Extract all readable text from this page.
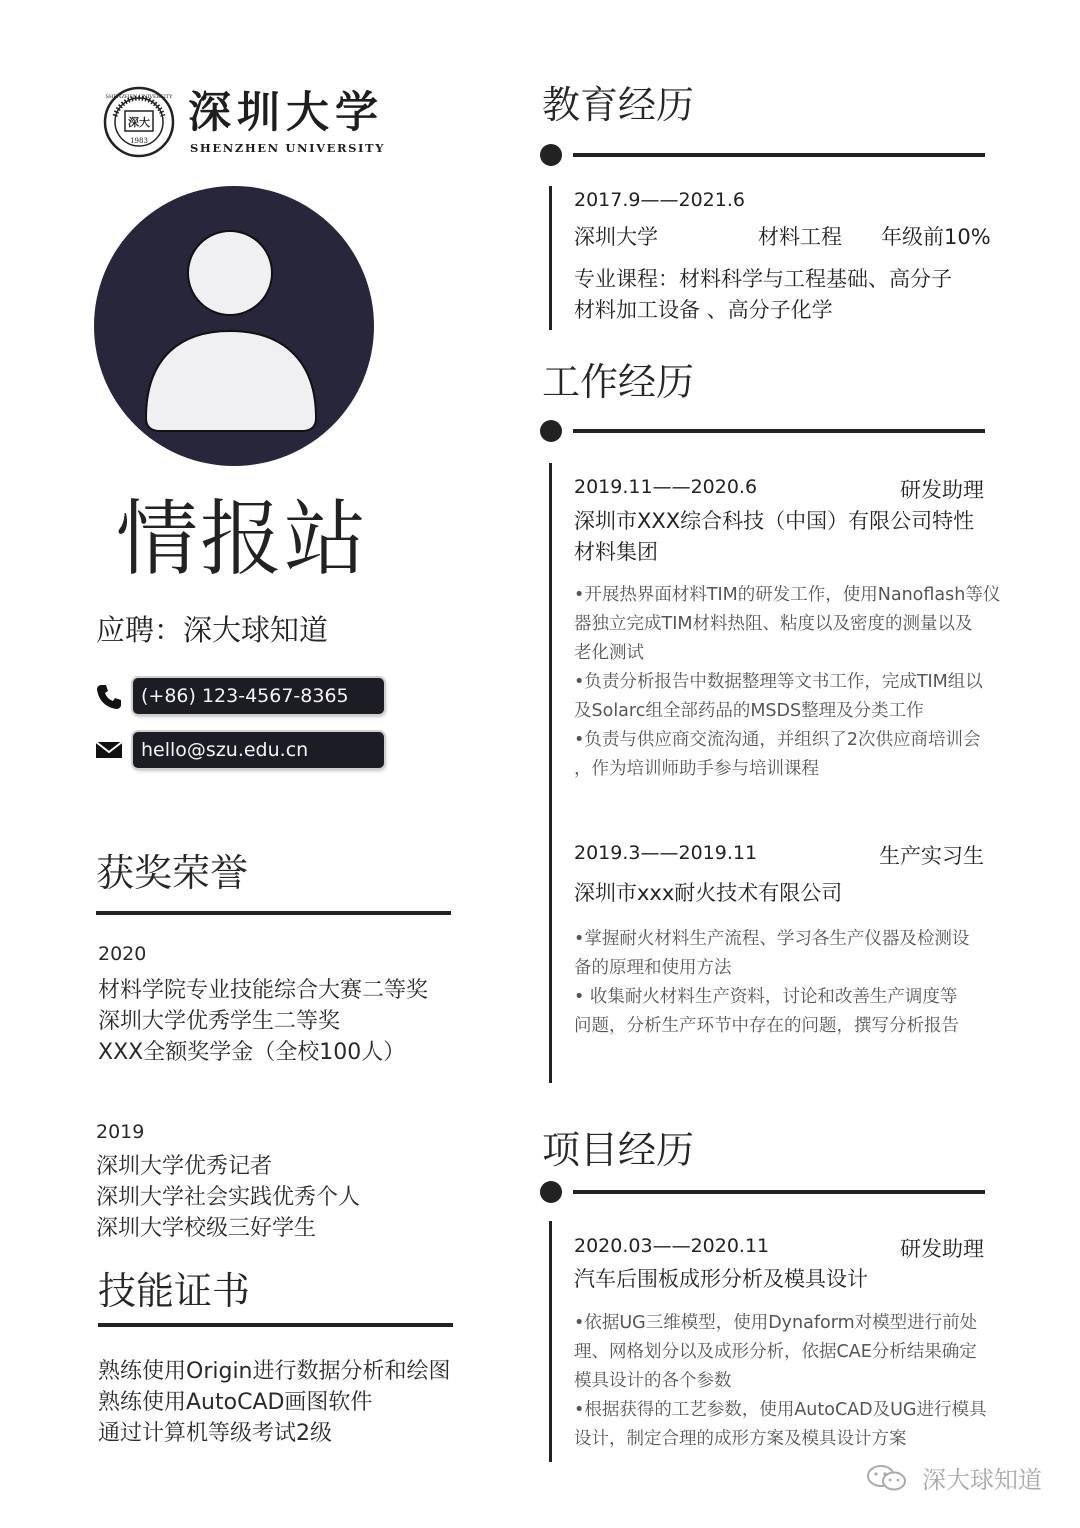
深大
1983
SHENZHEN UNIVERSITY 深圳大学
SHENZHEN UNIVERSITY
情报站
应聘：深大球知道
(+86) 123-4567-8365
hello@szu.edu.cn
获奖荣誉
2020
材料学院专业技能综合大赛二等奖
深圳大学优秀学生二等奖
XXX全额奖学金（全校100人）
2019
深圳大学优秀记者
深圳大学社会实践优秀个人
深圳大学校级三好学生
技能证书
熟练使用Origin进行数据分析和绘图
熟练使用AutoCAD画图软件
通过计算机等级考试2级
教育经历
2017.9——2021.6
深圳大学	材料工程 年级前10%
专业课程：材料科学与工程基础、高分子
材料加工设备 、高分子化学
工作经历
2019.11——2020.6	研发助理
深圳市XXX综合科技（中国）有限公司特性
材料集团
•开展热界面材料TIM的研发工作，使用Nanoflash等仪
器独立完成TIM材料热阻、粘度以及密度的测量以及
老化测试
•负责分析报告中数据整理等文书工作，完成TIM组以
及Solarc组全部药品的MSDS整理及分类工作
•负责与供应商交流沟通，并组织了2次供应商培训会
，作为培训师助手参与培训课程
2019.3——2019.11	生产实习生
深圳市xxx耐火技术有限公司
•掌握耐火材料生产流程、学习各生产仪器及检测设
备的原理和使用方法
• 收集耐火材料生产资料，讨论和改善生产调度等
问题，分析生产环节中存在的问题，撰写分析报告
项目经历
2020.03——2020.11	研发助理
汽车后围板成形分析及模具设计
•依据UG三维模型，使用Dynaform对模型进行前处
理、网格划分以及成形分析，依据CAE分析结果确定
模具设计的各个参数
•根据获得的工艺参数，使用AutoCAD及UG进行模具
设计，制定合理的成形方案及模具设计方案
深大球知道
